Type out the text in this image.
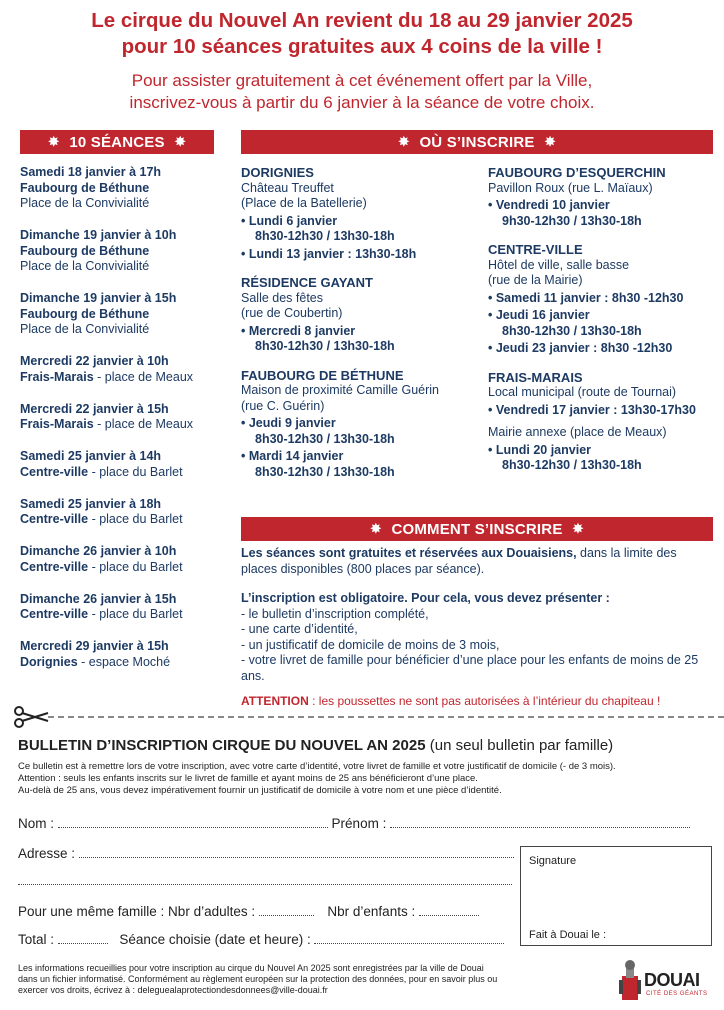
Le cirque du Nouvel An revient du 18 au 29 janvier 2025
pour 10 séances gratuites aux 4 coins de la ville !
Pour assister gratuitement à cet événement offert par la Ville,
inscrivez-vous à partir du 6 janvier à la séance de votre choix.
✸ 10 SÉANCES ✸	✸ OÙ S’INSCRIRE ✸
✸ COMMENT S’INSCRIRE ✸
Samedi 18 janvier à 17h
Faubourg de Béthune
Place de la Convivialité
Dimanche 19 janvier à 10h
Faubourg de Béthune
Place de la Convivialité
Dimanche 19 janvier à 15h
Faubourg de Béthune
Place de la Convivialité
Mercredi 22 janvier à 10h
Frais-Marais - place de Meaux
Mercredi 22 janvier à 15h
Frais-Marais - place de Meaux
Samedi 25 janvier à 14h
Centre-ville - place du Barlet
Samedi 25 janvier à 18h
Centre-ville - place du Barlet
Dimanche 26 janvier à 10h
Centre-ville - place du Barlet
Dimanche 26 janvier à 15h
Centre-ville - place du Barlet
Mercredi 29 janvier à 15h
Dorignies - espace Moché
DORIGNIES
Château Treuffet
(Place de la Batellerie)
• Lundi 6 janvier
8h30-12h30 / 13h30-18h
• Lundi 13 janvier : 13h30-18h
RÉSIDENCE GAYANT
Salle des fêtes
(rue de Coubertin)
• Mercredi 8 janvier
8h30-12h30 / 13h30-18h
FAUBOURG DE BÉTHUNE
Maison de proximité Camille Guérin
(rue C. Guérin)
• Jeudi 9 janvier
8h30-12h30 / 13h30-18h
• Mardi 14 janvier
8h30-12h30 / 13h30-18h
FAUBOURG D’ESQUERCHIN
Pavillon Roux (rue L. Maïaux)
• Vendredi 10 janvier
9h30-12h30 / 13h30-18h
CENTRE-VILLE
Hôtel de ville, salle basse
(rue de la Mairie)
• Samedi 11 janvier : 8h30 -12h30
• Jeudi 16 janvier
8h30-12h30 / 13h30-18h
• Jeudi 23 janvier : 8h30 -12h30
FRAIS-MARAIS
Local municipal (route de Tournai)
• Vendredi 17 janvier : 13h30-17h30
Mairie annexe (place de Meaux)
• Lundi 20 janvier
8h30-12h30 / 13h30-18h

Les séances sont gratuites et réservées aux Douaisiens, dans la limite des places disponibles (800 places par séance).

L’inscription est obligatoire. Pour cela, vous devez présenter :

- le bulletin d’inscription complété,

- une carte d’identité,

- un justificatif de domicile de moins de 3 mois,

- votre livret de famille pour bénéficier d’une place pour les enfants de moins de 25 ans.

ATTENTION : les poussettes ne sont pas autorisées à l’intérieur du chapiteau !
BULLETIN D’INSCRIPTION CIRQUE DU NOUVEL AN 2025 (un seul bulletin par famille)
Ce bulletin est à remettre lors de votre inscription, avec votre carte d’identité, votre livret de famille et votre justificatif de domicile (- de 3 mois).
Attention : seuls les enfants inscrits sur le livret de famille et ayant moins de 25 ans bénéficieront d’une place.
Au-delà de 25 ans, vous devez impérativement fournir un justificatif de domicile à votre nom et une pièce d’identité.
Nom :	Prénom :
Adresse :
Pour une même famille : Nbr d’adultes :	Nbr d’enfants :
Total :	Séance choisie (date et heure) :
Signature
Fait à Douai le :
Les informations recueillies pour votre inscription au cirque du Nouvel An 2025 sont enregistrées par la ville de Douai
dans un fichier informatisé. Conformément au règlement européen sur la protection des données, pour en savoir plus ou
exercer vos droits, écrivez à : deleguealaprotectiondesdonnees@ville-douai.fr	DOUAI
CITÉ DES GÉANTS
